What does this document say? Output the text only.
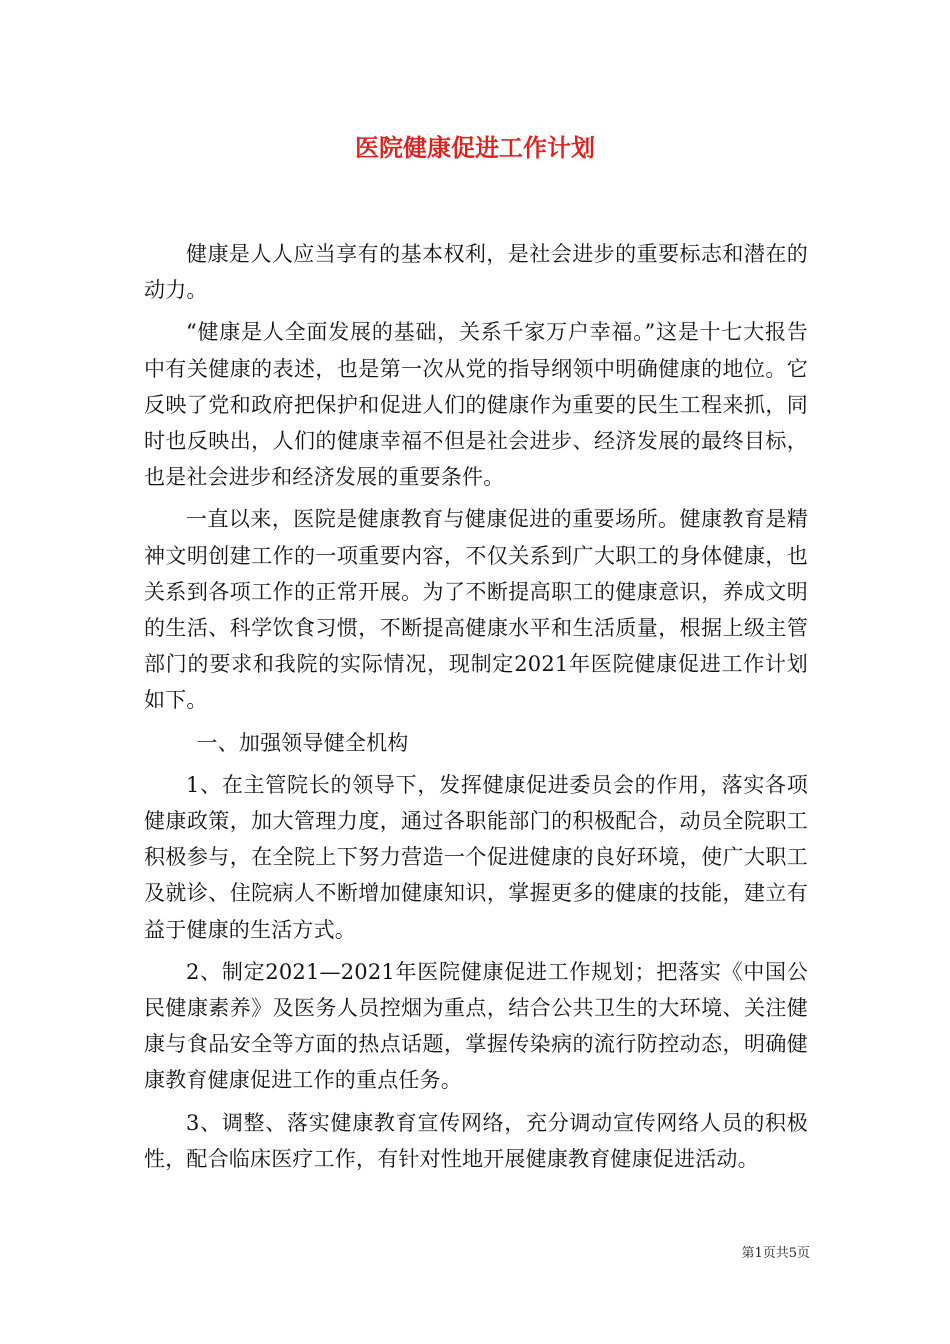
医院健康促进工作计划

健康是人人应当享有的基本权利，是社会进步的重要标志和潜在的动力。

“健康是人全面发展的基础，关系千家万户幸福。”这是十七大报告中有关健康的表述，也是第一次从党的指导纲领中明确健康的地位。它反映了党和政府把保护和促进人们的健康作为重要的民生工程来抓，同时也反映出，人们的健康幸福不但是社会进步、经济发展的最终目标，也是社会进步和经济发展的重要条件。

一直以来，医院是健康教育与健康促进的重要场所。健康教育是精神文明创建工作的一项重要内容，不仅关系到广大职工的身体健康，也关系到各项工作的正常开展。为了不断提高职工的健康意识，养成文明的生活、科学饮食习惯，不断提高健康水平和生活质量，根据上级主管部门的要求和我院的实际情况，现制定2021年医院健康促进工作计划如下。

一、加强领导健全机构

1、在主管院长的领导下，发挥健康促进委员会的作用，落实各项健康政策，加大管理力度，通过各职能部门的积极配合，动员全院职工积极参与，在全院上下努力营造一个促进健康的良好环境，使广大职工及就诊、住院病人不断增加健康知识，掌握更多的健康的技能，建立有益于健康的生活方式。

2、制定2021—2021年医院健康促进工作规划；把落实《中国公民健康素养》及医务人员控烟为重点，结合公共卫生的大环境、关注健康与食品安全等方面的热点话题，掌握传染病的流行防控动态，明确健康教育健康促进工作的重点任务。

3、调整、落实健康教育宣传网络，充分调动宣传网络人员的积极性，配合临床医疗工作，有针对性地开展健康教育健康促进活动。

第1页共5页
